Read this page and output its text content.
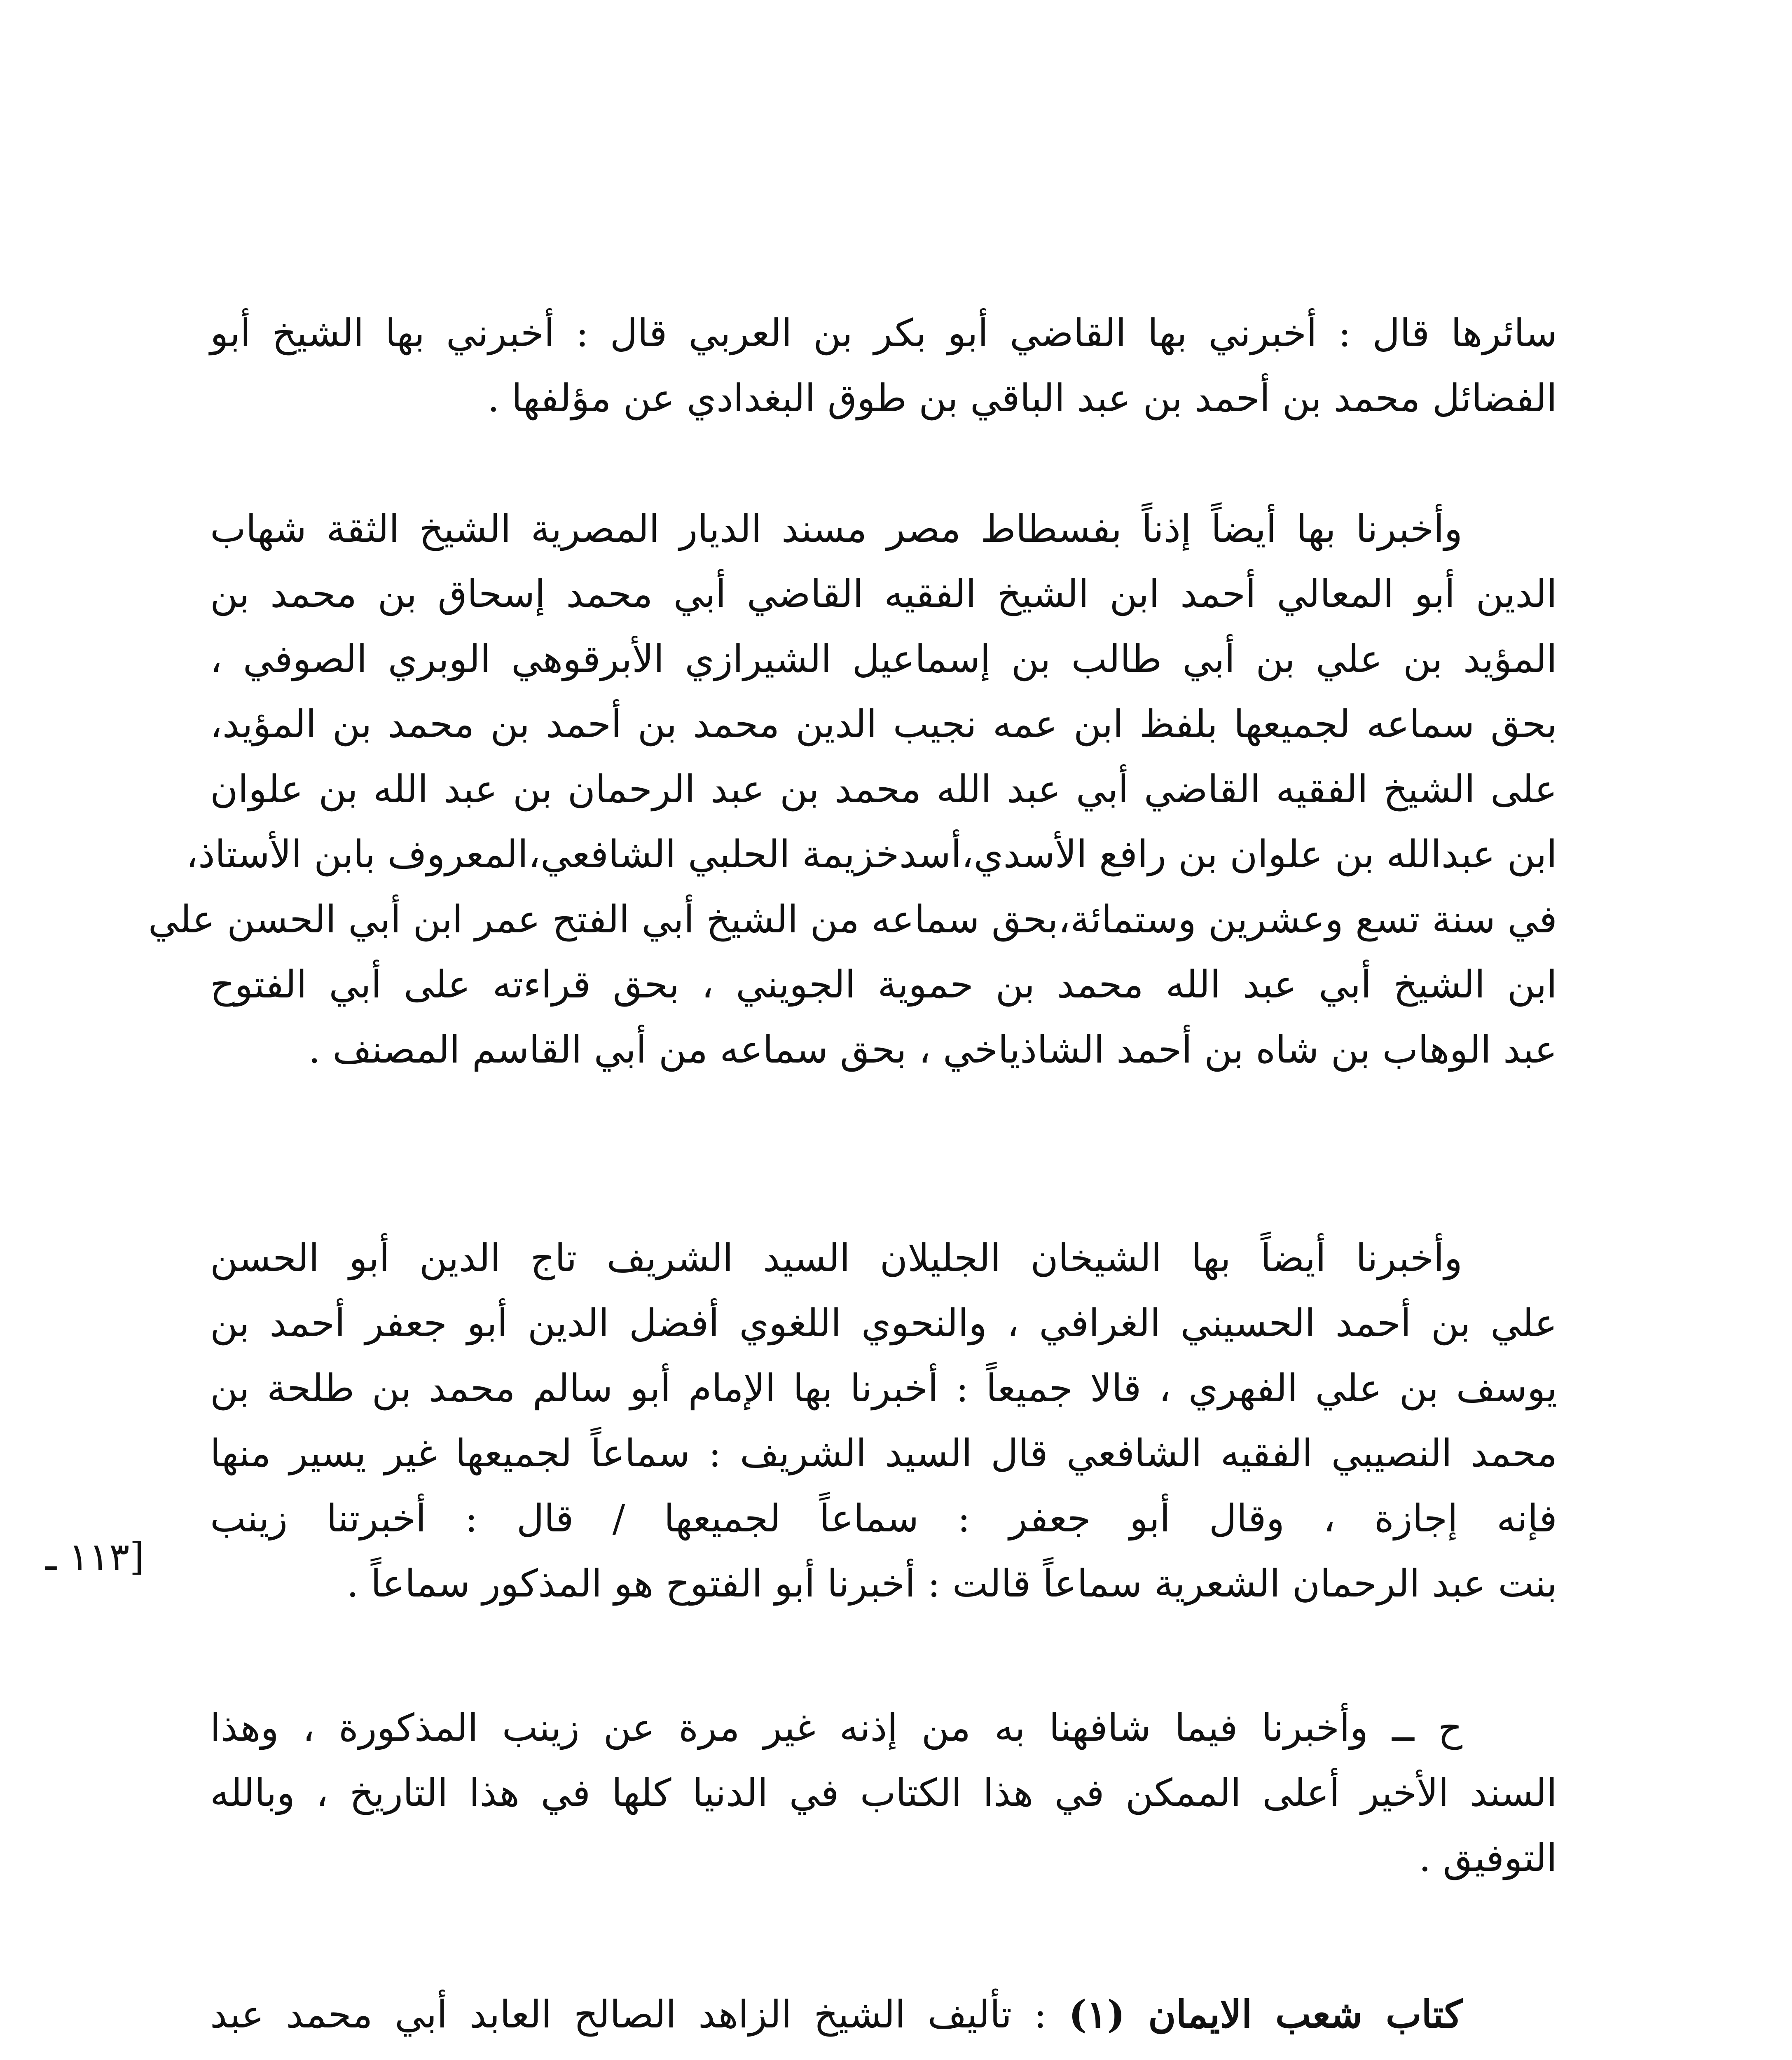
سائرها قال : أخبرني بها القاضي أبو بكر بن العربي قال : أخبرني بها الشيخ أبو
الفضائل محمد بن أحمد بن عبد الباقي بن طوق البغدادي عن مؤلفها .
وأخبرنا بها أيضاً إذناً بفسطاط مصر مسند الديار المصرية الشيخ الثقة شهاب
الدين أبو المعالي أحمد ابن الشيخ الفقيه القاضي أبي محمد إسحاق بن محمد بن
المؤيد بن علي بن أبي طالب بن إسماعيل الشيرازي الأبرقوهي الوبري الصوفي ،
بحق سماعه لجميعها بلفظ ابن عمه نجيب الدين محمد بن أحمد بن محمد بن المؤيد،
على الشيخ الفقيه القاضي أبي عبد الله محمد بن عبد الرحمان بن عبد الله بن علوان
ابن عبدالله بن علوان بن رافع الأسدي،أسدخزيمة الحلبي الشافعي،المعروف بابن الأستاذ،
في سنة تسع وعشرين وستمائة،بحق سماعه من الشيخ أبي الفتح عمر ابن أبي الحسن علي
ابن الشيخ أبي عبد الله محمد بن حموية الجويني ، بحق قراءته على أبي الفتوح
عبد الوهاب بن شاه بن أحمد الشاذياخي ، بحق سماعه من أبي القاسم المصنف .
وأخبرنا أيضاً بها الشيخان الجليلان السيد الشريف تاج الدين أبو الحسن
علي بن أحمد الحسيني الغرافي ، والنحوي اللغوي أفضل الدين أبو جعفر أحمد بن
يوسف بن علي الفهري ، قالا جميعاً : أخبرنا بها الإمام أبو سالم محمد بن طلحة بن
محمد النصيبي الفقيه الشافعي قال السيد الشريف : سماعاً لجميعها غير يسير منها
فإنه إجازة ، وقال أبو جعفر : سماعاً لجميعها / قال : أخبرتنا زينب
بنت عبد الرحمان الشعرية سماعاً قالت : أخبرنا أبو الفتوح هو المذكور سماعاً .
[١١٣ ـ
ح ــ وأخبرنا فيما شافهنا به من إذنه غير مرة عن زينب المذكورة ، وهذا
السند الأخير أعلى الممكن في هذا الكتاب في الدنيا كلها في هذا التاريخ ، وبالله
التوفيق .
كتاب شعب الايمان (١) : تأليف الشيخ الزاهد الصالح العابد أبي محمد عبد
